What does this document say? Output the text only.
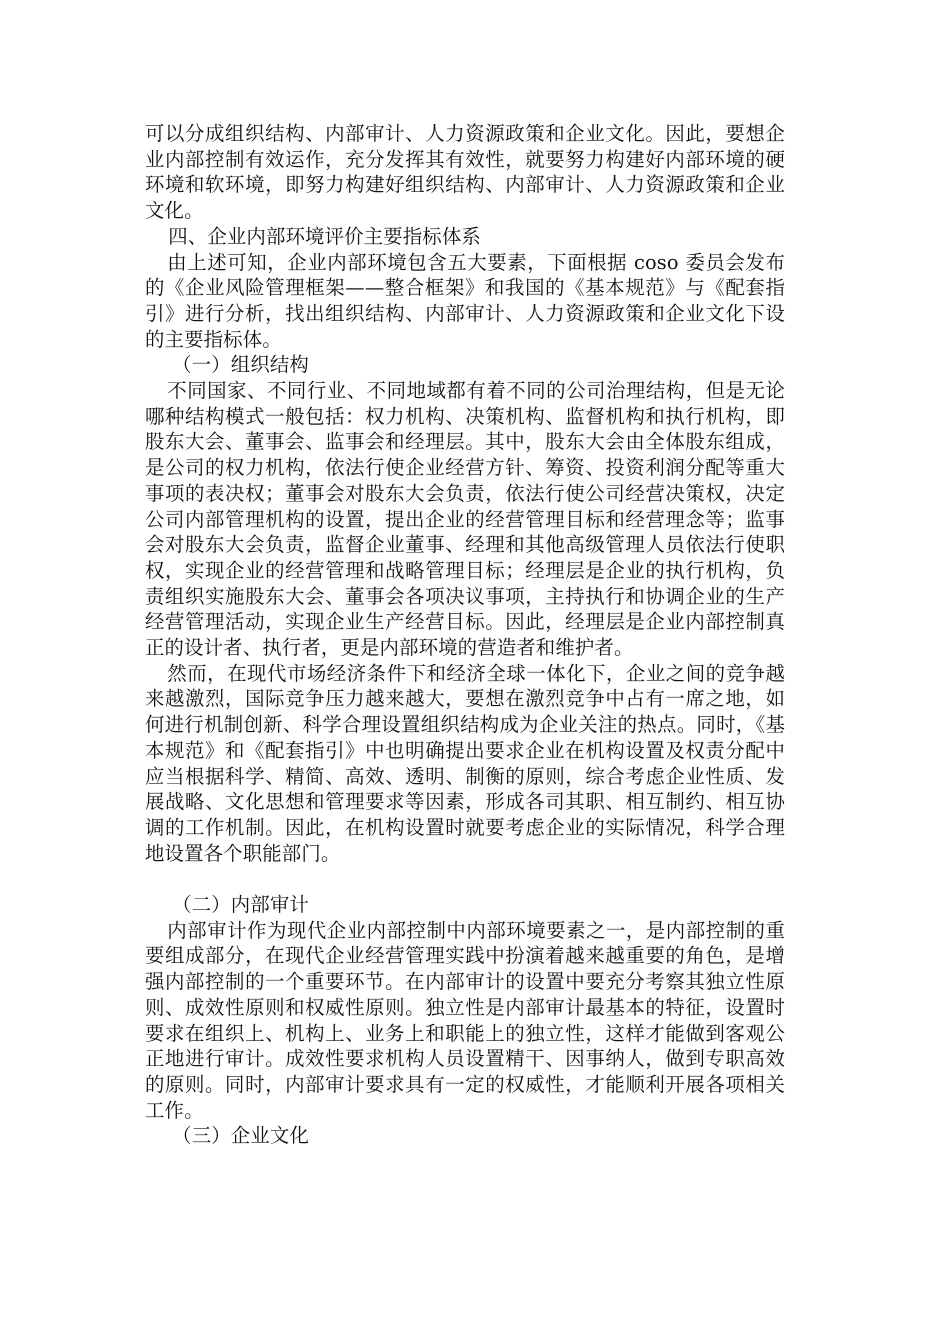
可以分成组织结构、内部审计、人力资源政策和企业文化。因此，要想企业内部控制有效运作，充分发挥其有效性，就要努力构建好内部环境的硬环境和软环境，即努力构建好组织结构、内部审计、人力资源政策和企业文化。

四、企业内部环境评价主要指标体系

由上述可知，企业内部环境包含五大要素，下面根据 coso 委员会发布的《企业风险管理框架——整合框架》和我国的《基本规范》与《配套指引》进行分析，找出组织结构、内部审计、人力资源政策和企业文化下设的主要指标体。

（一）组织结构

不同国家、不同行业、不同地域都有着不同的公司治理结构，但是无论哪种结构模式一般包括：权力机构、决策机构、监督机构和执行机构，即股东大会、董事会、监事会和经理层。其中，股东大会由全体股东组成，是公司的权力机构，依法行使企业经营方针、筹资、投资利润分配等重大事项的表决权；董事会对股东大会负责，依法行使公司经营决策权，决定公司内部管理机构的设置，提出企业的经营管理目标和经营理念等；监事会对股东大会负责，监督企业董事、经理和其他高级管理人员依法行使职权，实现企业的经营管理和战略管理目标；经理层是企业的执行机构，负责组织实施股东大会、董事会各项决议事项，主持执行和协调企业的生产经营管理活动，实现企业生产经营目标。因此，经理层是企业内部控制真正的设计者、执行者，更是内部环境的营造者和维护者。

然而，在现代市场经济条件下和经济全球一体化下，企业之间的竞争越来越激烈，国际竞争压力越来越大，要想在激烈竞争中占有一席之地，如何进行机制创新、科学合理设置组织结构成为企业关注的热点。同时，《基本规范》和《配套指引》中也明确提出要求企业在机构设置及权责分配中应当根据科学、精简、高效、透明、制衡的原则，综合考虑企业性质、发展战略、文化思想和管理要求等因素，形成各司其职、相互制约、相互协调的工作机制。因此，在机构设置时就要考虑企业的实际情况，科学合理地设置各个职能部门。

（二）内部审计

内部审计作为现代企业内部控制中内部环境要素之一，是内部控制的重要组成部分，在现代企业经营管理实践中扮演着越来越重要的角色，是增强内部控制的一个重要环节。在内部审计的设置中要充分考察其独立性原则、成效性原则和权威性原则。独立性是内部审计最基本的特征，设置时要求在组织上、机构上、业务上和职能上的独立性，这样才能做到客观公正地进行审计。成效性要求机构人员设置精干、因事纳人，做到专职高效的原则。同时，内部审计要求具有一定的权威性，才能顺利开展各项相关工作。

（三）企业文化
